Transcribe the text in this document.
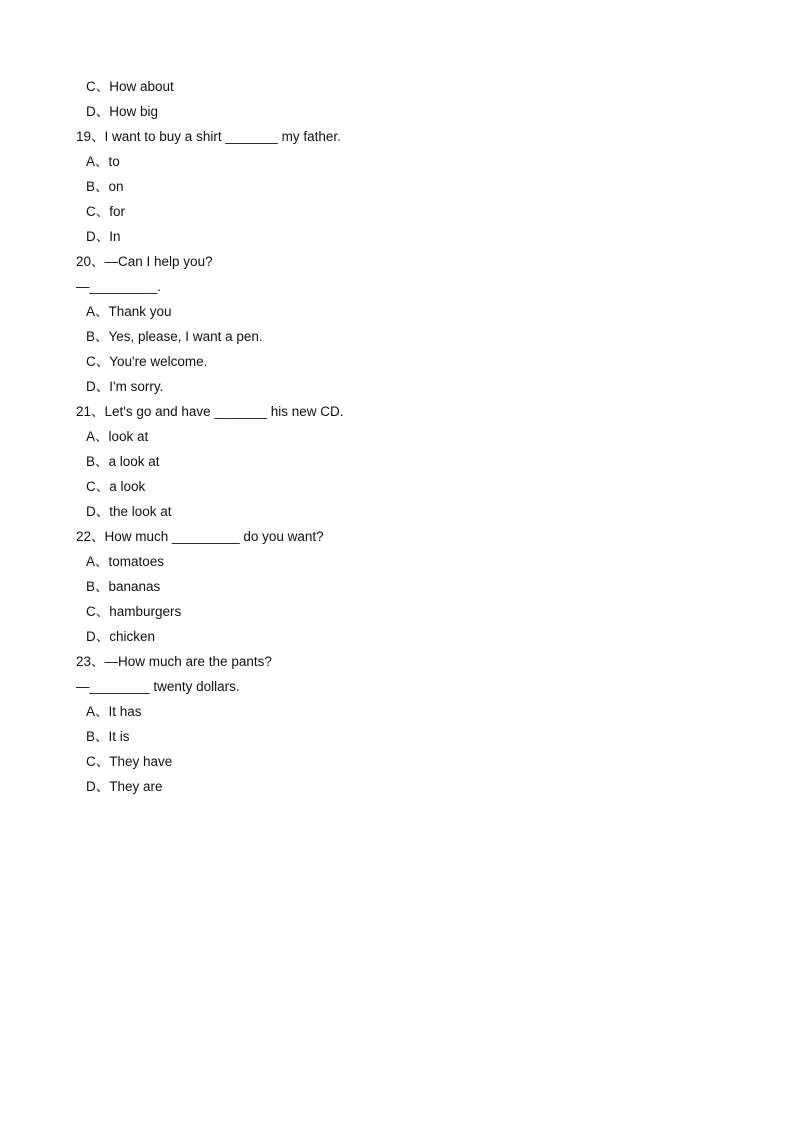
C、How about
D、How big
19、I want to buy a shirt _______ my father.
A、to
B、on
C、for
D、In
20、—Can I help you?
—_________.
A、Thank you
B、Yes, please, I want a pen.
C、You're welcome.
D、I'm sorry.
21、Let's go and have _______ his new CD.
A、look at
B、a look at
C、a look
D、the look at
22、How much _________ do you want?
A、tomatoes
B、bananas
C、hamburgers
D、chicken
23、—How much are the pants?
—________ twenty dollars.
A、It has
B、It is
C、They have
D、They are
